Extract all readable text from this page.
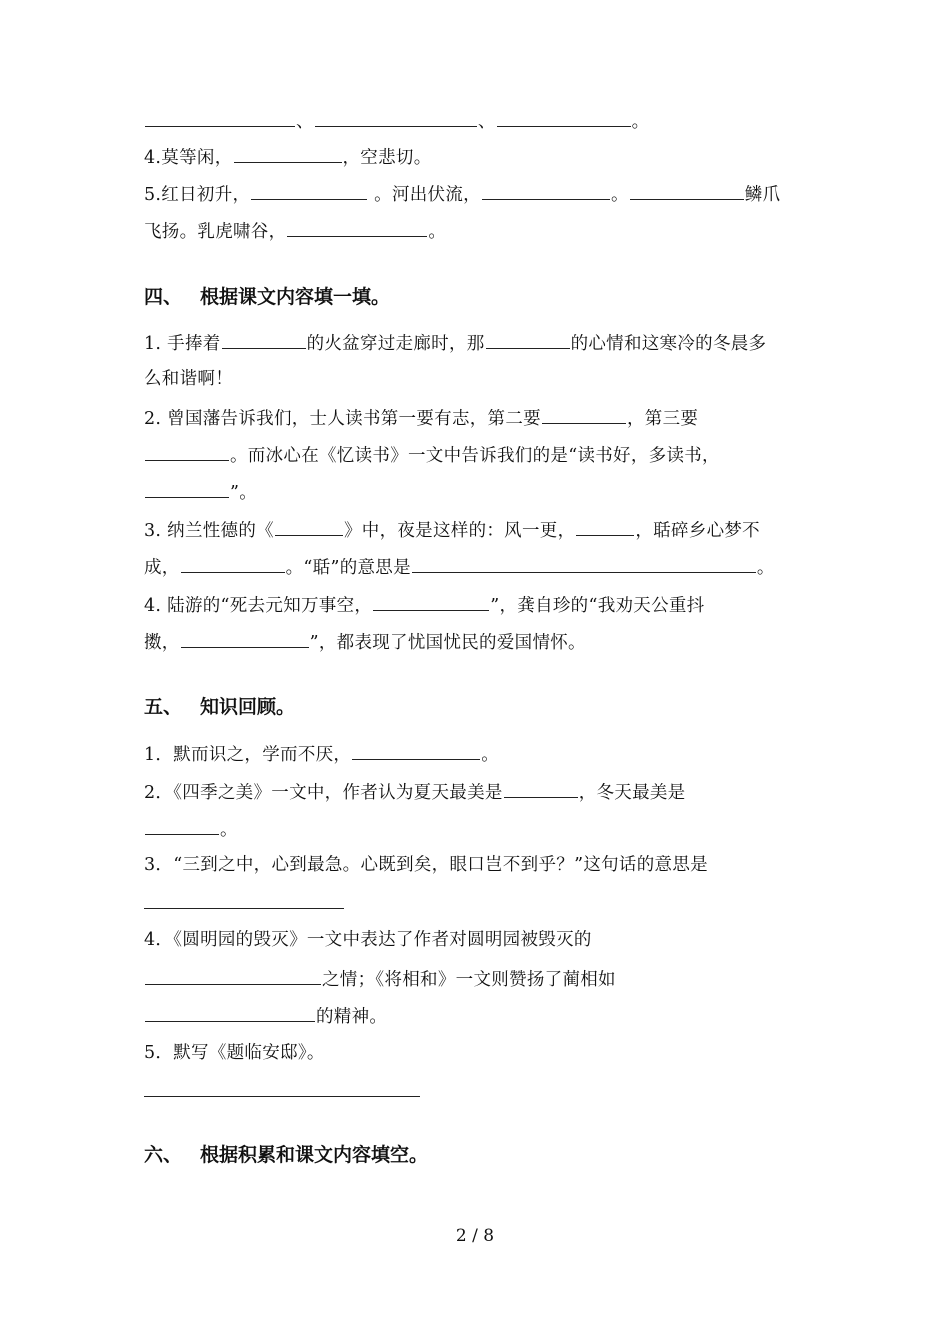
、	、	。
4.莫等闲，	，空悲切。
5.红日初升，	。河出伏流，	。	鳞爪
飞扬。乳虎啸谷，	。
四、 根据课文内容填一填。
1. 手捧着	的火盆穿过走廊时，那	的心情和这寒冷的冬晨多
么和谐啊！
2. 曾国藩告诉我们，士人读书第一要有志，第二要	，第三要
。而冰心在《忆读书》一文中告诉我们的是“读书好，多读书，
”。
3. 纳兰性德的《	》中，夜是这样的：风一更，	，聒碎乡心梦不
成，	。“聒”的意思是	。
4. 陆游的“死去元知万事空，	”，龚自珍的“我劝天公重抖
擞，	”，都表现了忧国忧民的爱国情怀。
五、 知识回顾。
1．默而识之，学而不厌，	。
2．《四季之美》一文中，作者认为夏天最美是	，冬天最美是
。
3．“三到之中，心到最急。心既到矣，眼口岂不到乎？”这句话的意思是
4．《圆明园的毁灭》一文中表达了作者对圆明园被毁灭的
之情；《将相和》一文则赞扬了蔺相如
的精神。
5．默写《题临安邸》。
六、 根据积累和课文内容填空。
2 / 8
